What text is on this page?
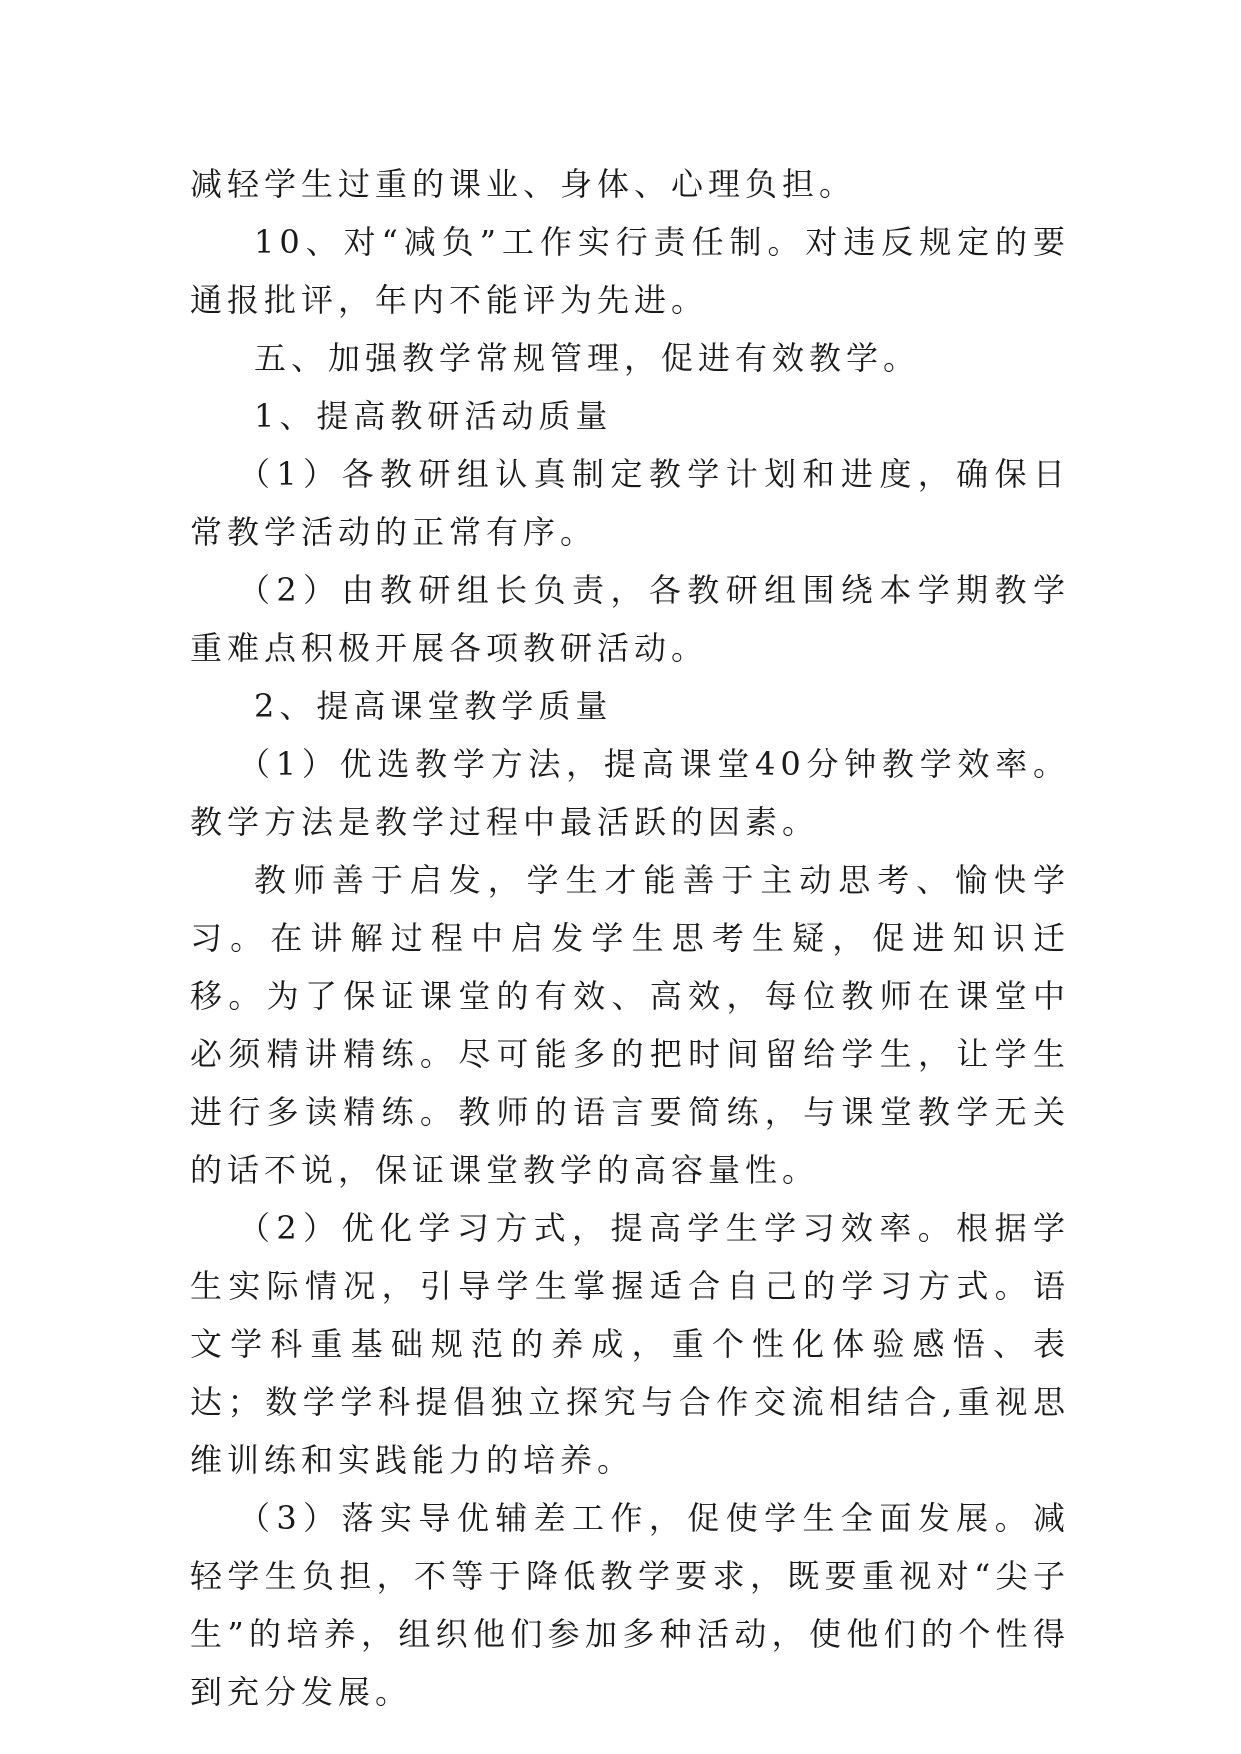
减轻学生过重的课业、身体、心理负担。

10、对“减负”工作实行责任制。对违反规定的要通报批评，年内不能评为先进。

五、加强教学常规管理，促进有效教学。

1、提高教研活动质量

（1）各教研组认真制定教学计划和进度，确保日常教学活动的正常有序。

（2）由教研组长负责，各教研组围绕本学期教学重难点积极开展各项教研活动。

2、提高课堂教学质量

（1）优选教学方法，提高课堂40分钟教学效率。教学方法是教学过程中最活跃的因素。

教师善于启发，学生才能善于主动思考、愉快学习。在讲解过程中启发学生思考生疑，促进知识迁移。为了保证课堂的有效、高效，每位教师在课堂中必须精讲精练。尽可能多的把时间留给学生，让学生进行多读精练。教师的语言要简练，与课堂教学无关的话不说，保证课堂教学的高容量性。

（2）优化学习方式，提高学生学习效率。根据学生实际情况，引导学生掌握适合自己的学习方式。语文学科重基础规范的养成，重个性化体验感悟、表达；数学学科提倡独立探究与合作交流相结合,重视思维训练和实践能力的培养。

（3）落实导优辅差工作，促使学生全面发展。减轻学生负担，不等于降低教学要求，既要重视对“尖子生”的培养，组织他们参加多种活动，使他们的个性得到充分发展。
